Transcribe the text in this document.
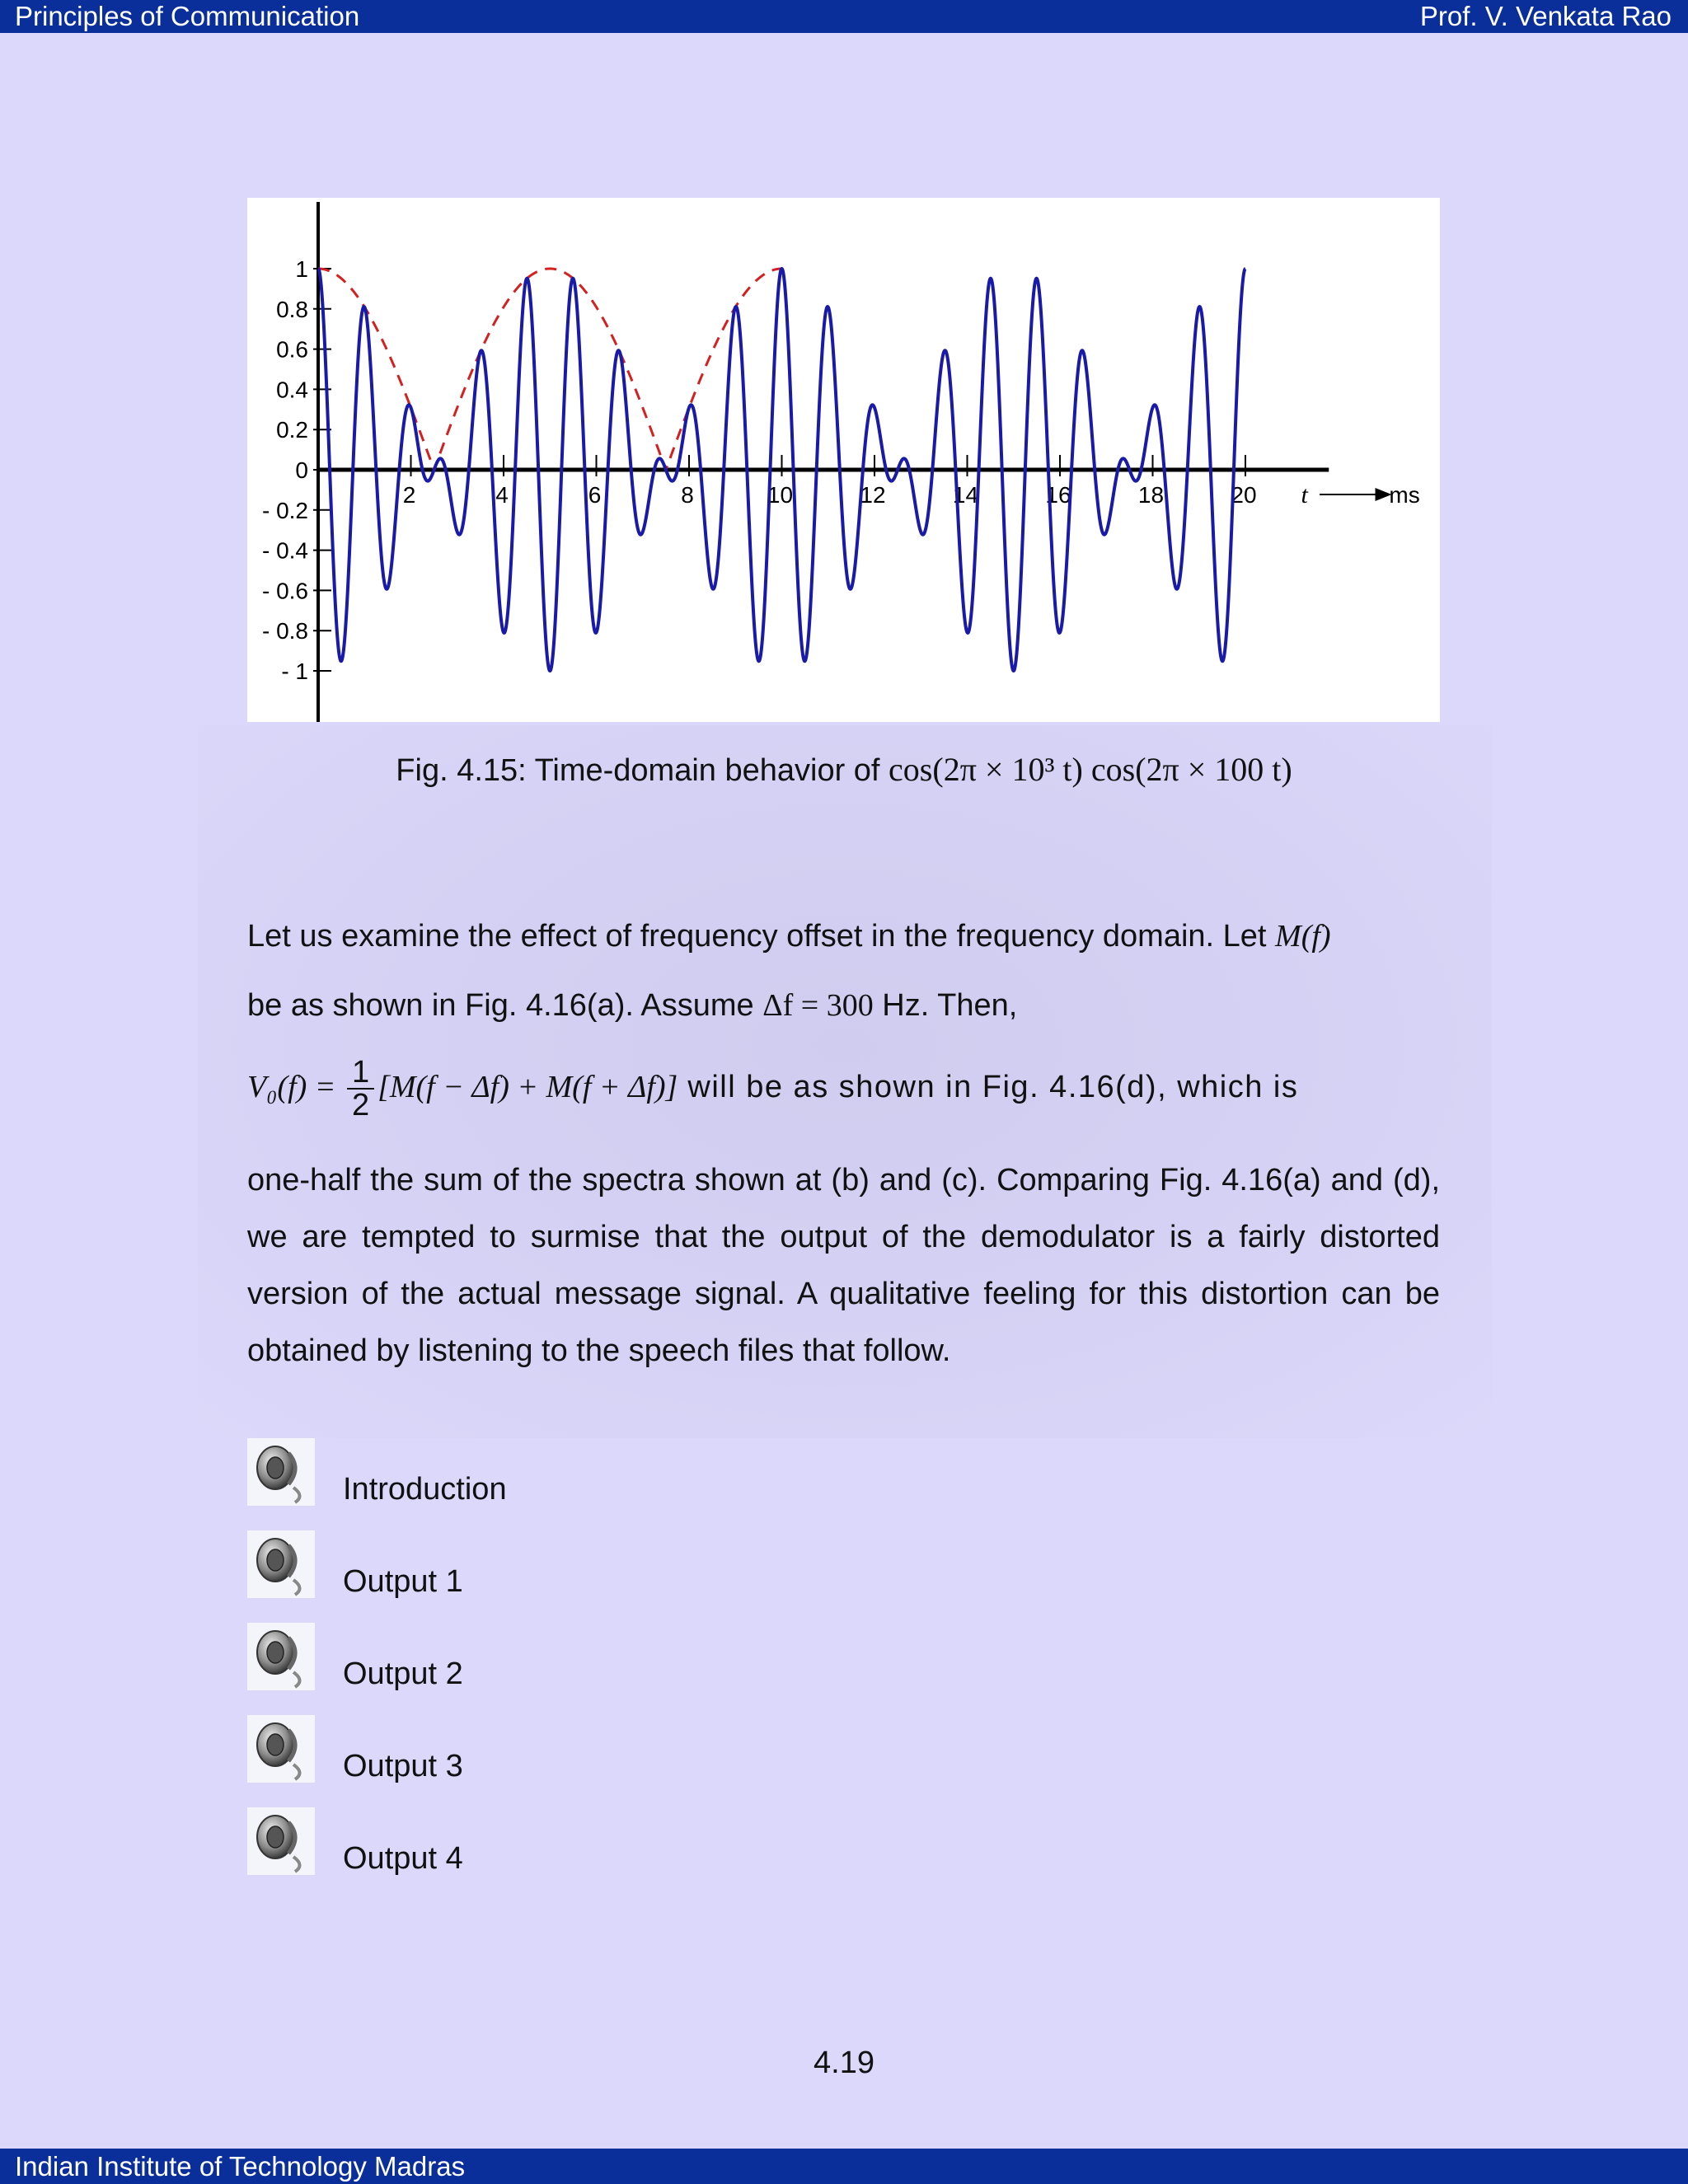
Principles of Communication	Prof. V. Venkata Rao
1
0.8
0.6
0.4
0.2
0
- 0.2
- 0.4
- 0.6
- 0.8
- 1
2	4	6	8	10	12	14	16	18	20 t	ms
Fig. 4.15: Time-domain behavior of cos(2π × 10³ t) cos(2π × 100 t)
Let us examine the effect of frequency offset in the frequency domain. Let M(f)
be as shown in Fig. 4.16(a). Assume Δf = 300 Hz. Then,
$V_0(f) = \frac{1}{2} [M(f - \Delta f) + M(f + \Delta f)]$ will be as shown in Fig. 4.16(d), which is
one-half the sum of the spectra shown at (b) and (c). Comparing Fig. 4.16(a) and (d), we are tempted to surmise that the output of the demodulator is a fairly distorted version of the actual message signal. A qualitative feeling for this distortion can be obtained by listening to the speech files that follow.
Introduction
Output 1
Output 2
Output 3
Output 4
4.19
Indian Institute of Technology Madras
